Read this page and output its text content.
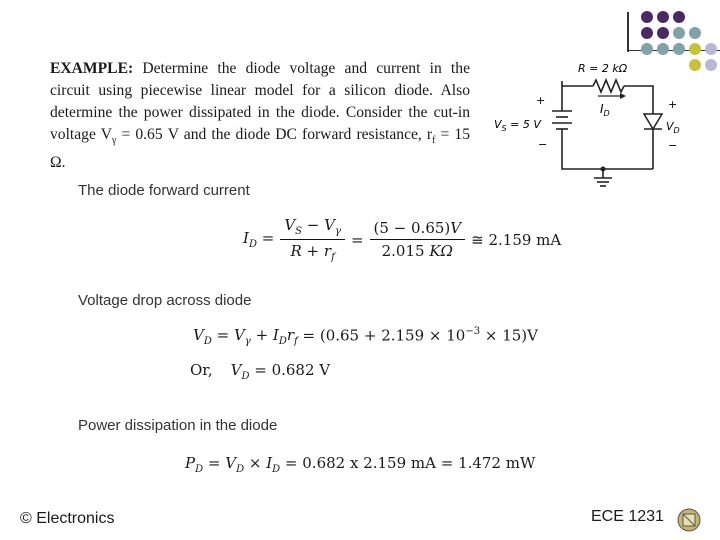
EXAMPLE: Determine the diode voltage and current in the circuit using piecewise linear model for a silicon diode. Also determine the power dissipated in the diode. Consider the cut-in voltage $V_\gamma = 0.65$ V and the diode DC forward resistance, $r_f = 15$ Ω.
R = 2 kΩ
$I_D$
+
−
$V_S = 5$ V
+
$V_D$
−
The diode forward current
$I_D = \frac{V_S - V_\gamma}{R + r_f} = \frac{(5 - 0.65)V}{2.015 K\Omega}$ ≅ 2.159 mA
Voltage drop across diode
$V_D = V_\gamma + I_Dr_f = (0.65 + 2.159 \times 10^{-3} \times 15)V$
Or, $V_D = 0.682$ V
Power dissipation in the diode
$P_D = V_D \times I_D = 0.682$ x 2.159 mA = 1.472 mW
© Electronics	ECE 1231
